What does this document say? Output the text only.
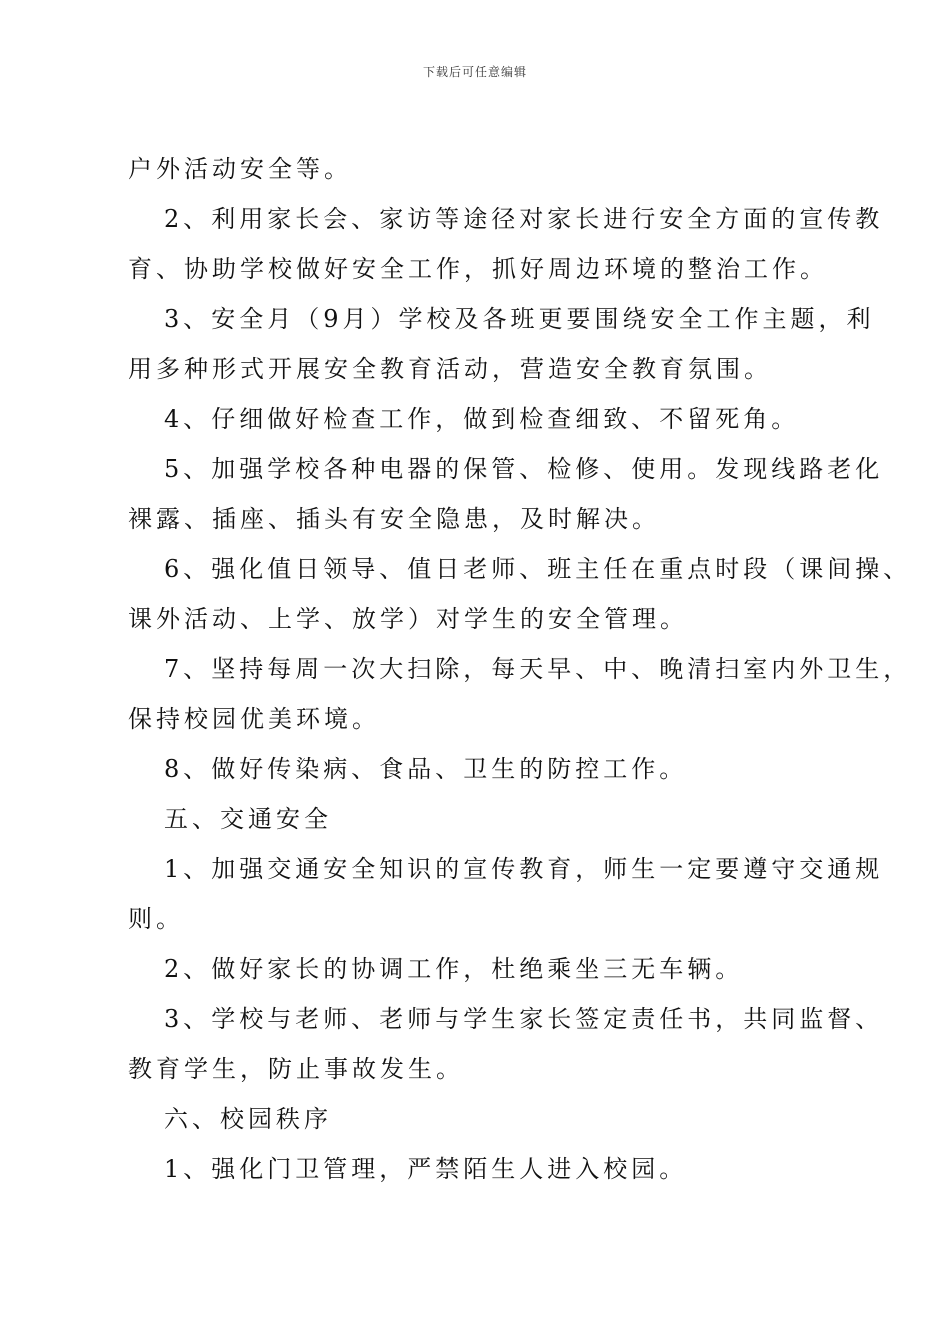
下载后可任意编辑
户外活动安全等。
2、利用家长会、家访等途径对家长进行安全方面的宣传教
育、协助学校做好安全工作，抓好周边环境的整治工作。
3、安全月（9月）学校及各班更要围绕安全工作主题，利
用多种形式开展安全教育活动，营造安全教育氛围。
4、仔细做好检查工作，做到检查细致、不留死角。
5、加强学校各种电器的保管、检修、使用。发现线路老化
裸露、插座、插头有安全隐患，及时解决。
6、强化值日领导、值日老师、班主任在重点时段（课间操、
课外活动、上学、放学）对学生的安全管理。
7、坚持每周一次大扫除，每天早、中、晚清扫室内外卫生，
保持校园优美环境。
8、做好传染病、食品、卫生的防控工作。
五、交通安全
1、加强交通安全知识的宣传教育，师生一定要遵守交通规
则。
2、做好家长的协调工作，杜绝乘坐三无车辆。
3、学校与老师、老师与学生家长签定责任书，共同监督、
教育学生，防止事故发生。
六、校园秩序
1、强化门卫管理，严禁陌生人进入校园。
